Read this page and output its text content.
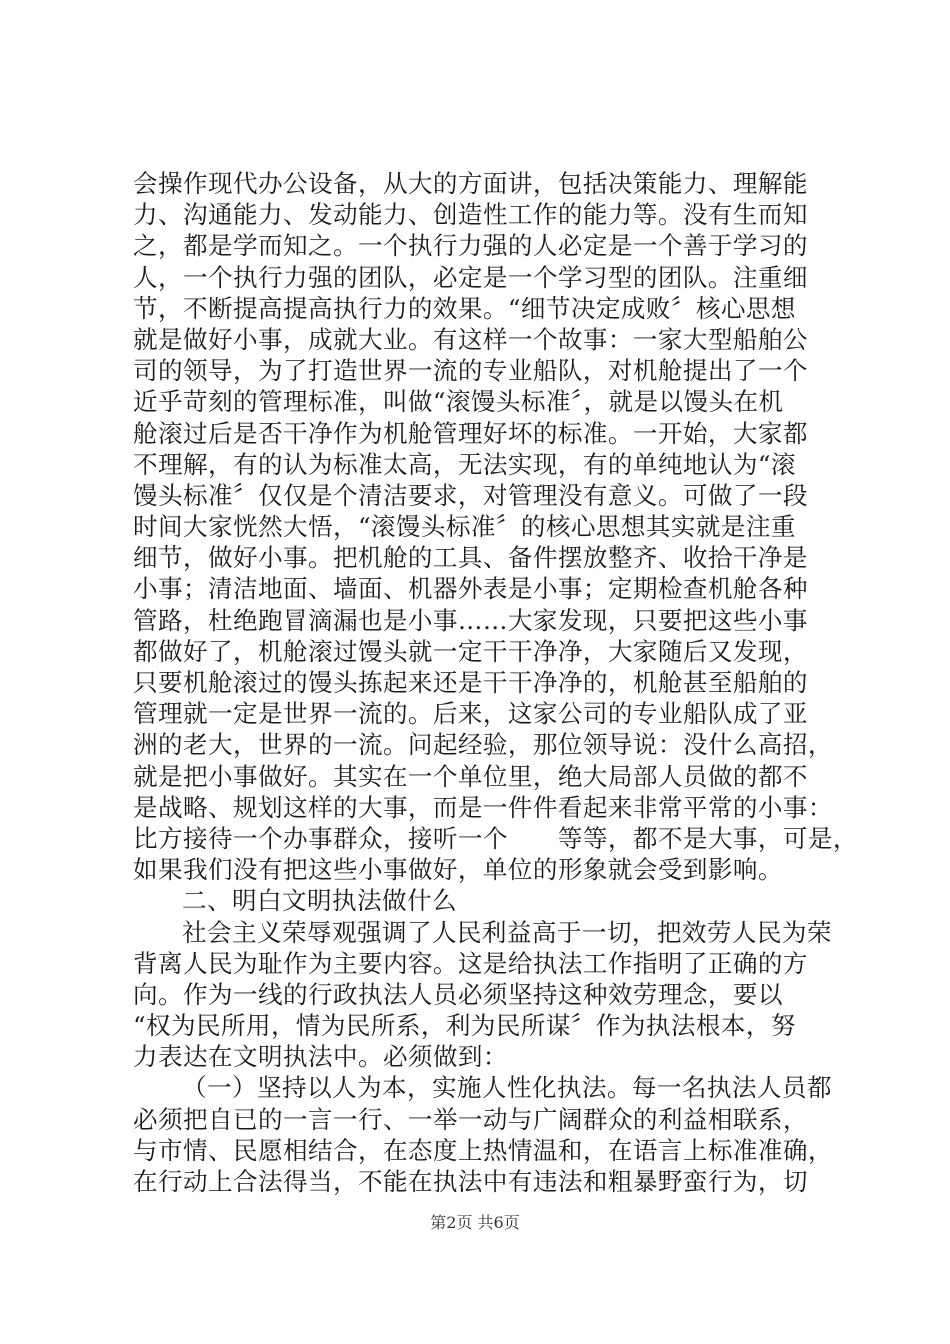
会操作现代办公设备，从大的方面讲，包括决策能力、理解能
力、沟通能力、发动能力、创造性工作的能力等。没有生而知
之，都是学而知之。一个执行力强的人必定是一个善于学习的
人，一个执行力强的团队，必定是一个学习型的团队。注重细
节，不断提高提高执行力的效果。“细节决定成败〞核心思想
就是做好小事，成就大业。有这样一个故事：一家大型船舶公
司的领导，为了打造世界一流的专业船队，对机舱提出了一个
近乎苛刻的管理标准，叫做“滚馒头标准〞，就是以馒头在机
舱滚过后是否干净作为机舱管理好坏的标准。一开始，大家都
不理解，有的认为标准太高，无法实现，有的单纯地认为“滚
馒头标准〞仅仅是个清洁要求，对管理没有意义。可做了一段
时间大家恍然大悟，“滚馒头标准〞的核心思想其实就是注重
细节，做好小事。把机舱的工具、备件摆放整齐、收拾干净是
小事；清洁地面、墙面、机器外表是小事；定期检查机舱各种
管路，杜绝跑冒滴漏也是小事……大家发现，只要把这些小事
都做好了，机舱滚过馒头就一定干干净净，大家随后又发现，
只要机舱滚过的馒头拣起来还是干干净净的，机舱甚至船舶的
管理就一定是世界一流的。后来，这家公司的专业船队成了亚
洲的老大，世界的一流。问起经验，那位领导说：没什么高招，
就是把小事做好。其实在一个单位里，绝大局部人员做的都不
是战略、规划这样的大事，而是一件件看起来非常平常的小事：
比方接待一个办事群众，接听一个　　等等，都不是大事，可是，
如果我们没有把这些小事做好，单位的形象就会受到影响。
二、明白文明执法做什么
社会主义荣辱观强调了人民利益高于一切，把效劳人民为荣
背离人民为耻作为主要内容。这是给执法工作指明了正确的方
向。作为一线的行政执法人员必须坚持这种效劳理念，要以
“权为民所用，情为民所系，利为民所谋〞作为执法根本，努
力表达在文明执法中。必须做到：
（一）坚持以人为本，实施人性化执法。每一名执法人员都
必须把自已的一言一行、一举一动与广阔群众的利益相联系，
与市情、民愿相结合，在态度上热情温和，在语言上标准准确，
在行动上合法得当，不能在执法中有违法和粗暴野蛮行为，切
第2页 共6页
